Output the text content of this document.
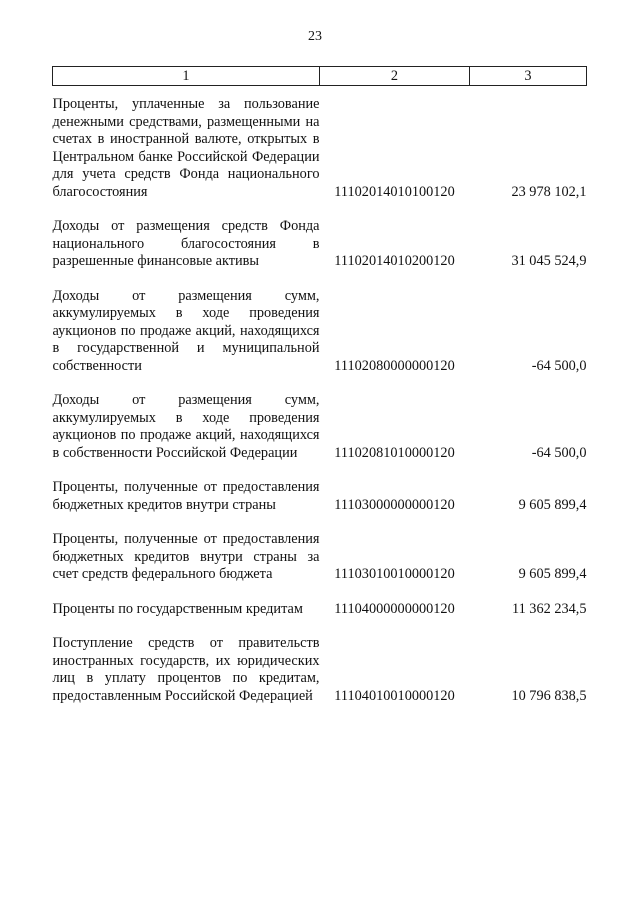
23
1	2	3

Проценты, уплаченные за пользование денежными средствами, размещенными на счетах в иностранной валюте, открытых в Центральном банке Российской Федерации для учета средств Фонда национального благосостояния	11102014010100120	23 978 102,1

Доходы от размещения средств Фонда национального благосостояния в разрешенные финансовые активы	11102014010200120	31 045 524,9

Доходы от размещения сумм, аккумулируемых в ходе проведения аукционов по продаже акций, находящихся в государственной и муниципальной собственности	11102080000000120	-64 500,0

Доходы от размещения сумм, аккумулируемых в ходе проведения аукционов по продаже акций, находящихся в собственности Российской Федерации	11102081010000120	-64 500,0

Проценты, полученные от предоставления бюджетных кредитов внутри страны	11103000000000120	9 605 899,4

Проценты, полученные от предоставления бюджетных кредитов внутри страны за счет средств федерального бюджета	11103010010000120	9 605 899,4

Проценты по государственным кредитам	11104000000000120	11 362 234,5

Поступление средств от правительств иностранных государств, их юридических лиц в уплату процентов по кредитам, предоставленным Российской Федерацией	11104010010000120	10 796 838,5
